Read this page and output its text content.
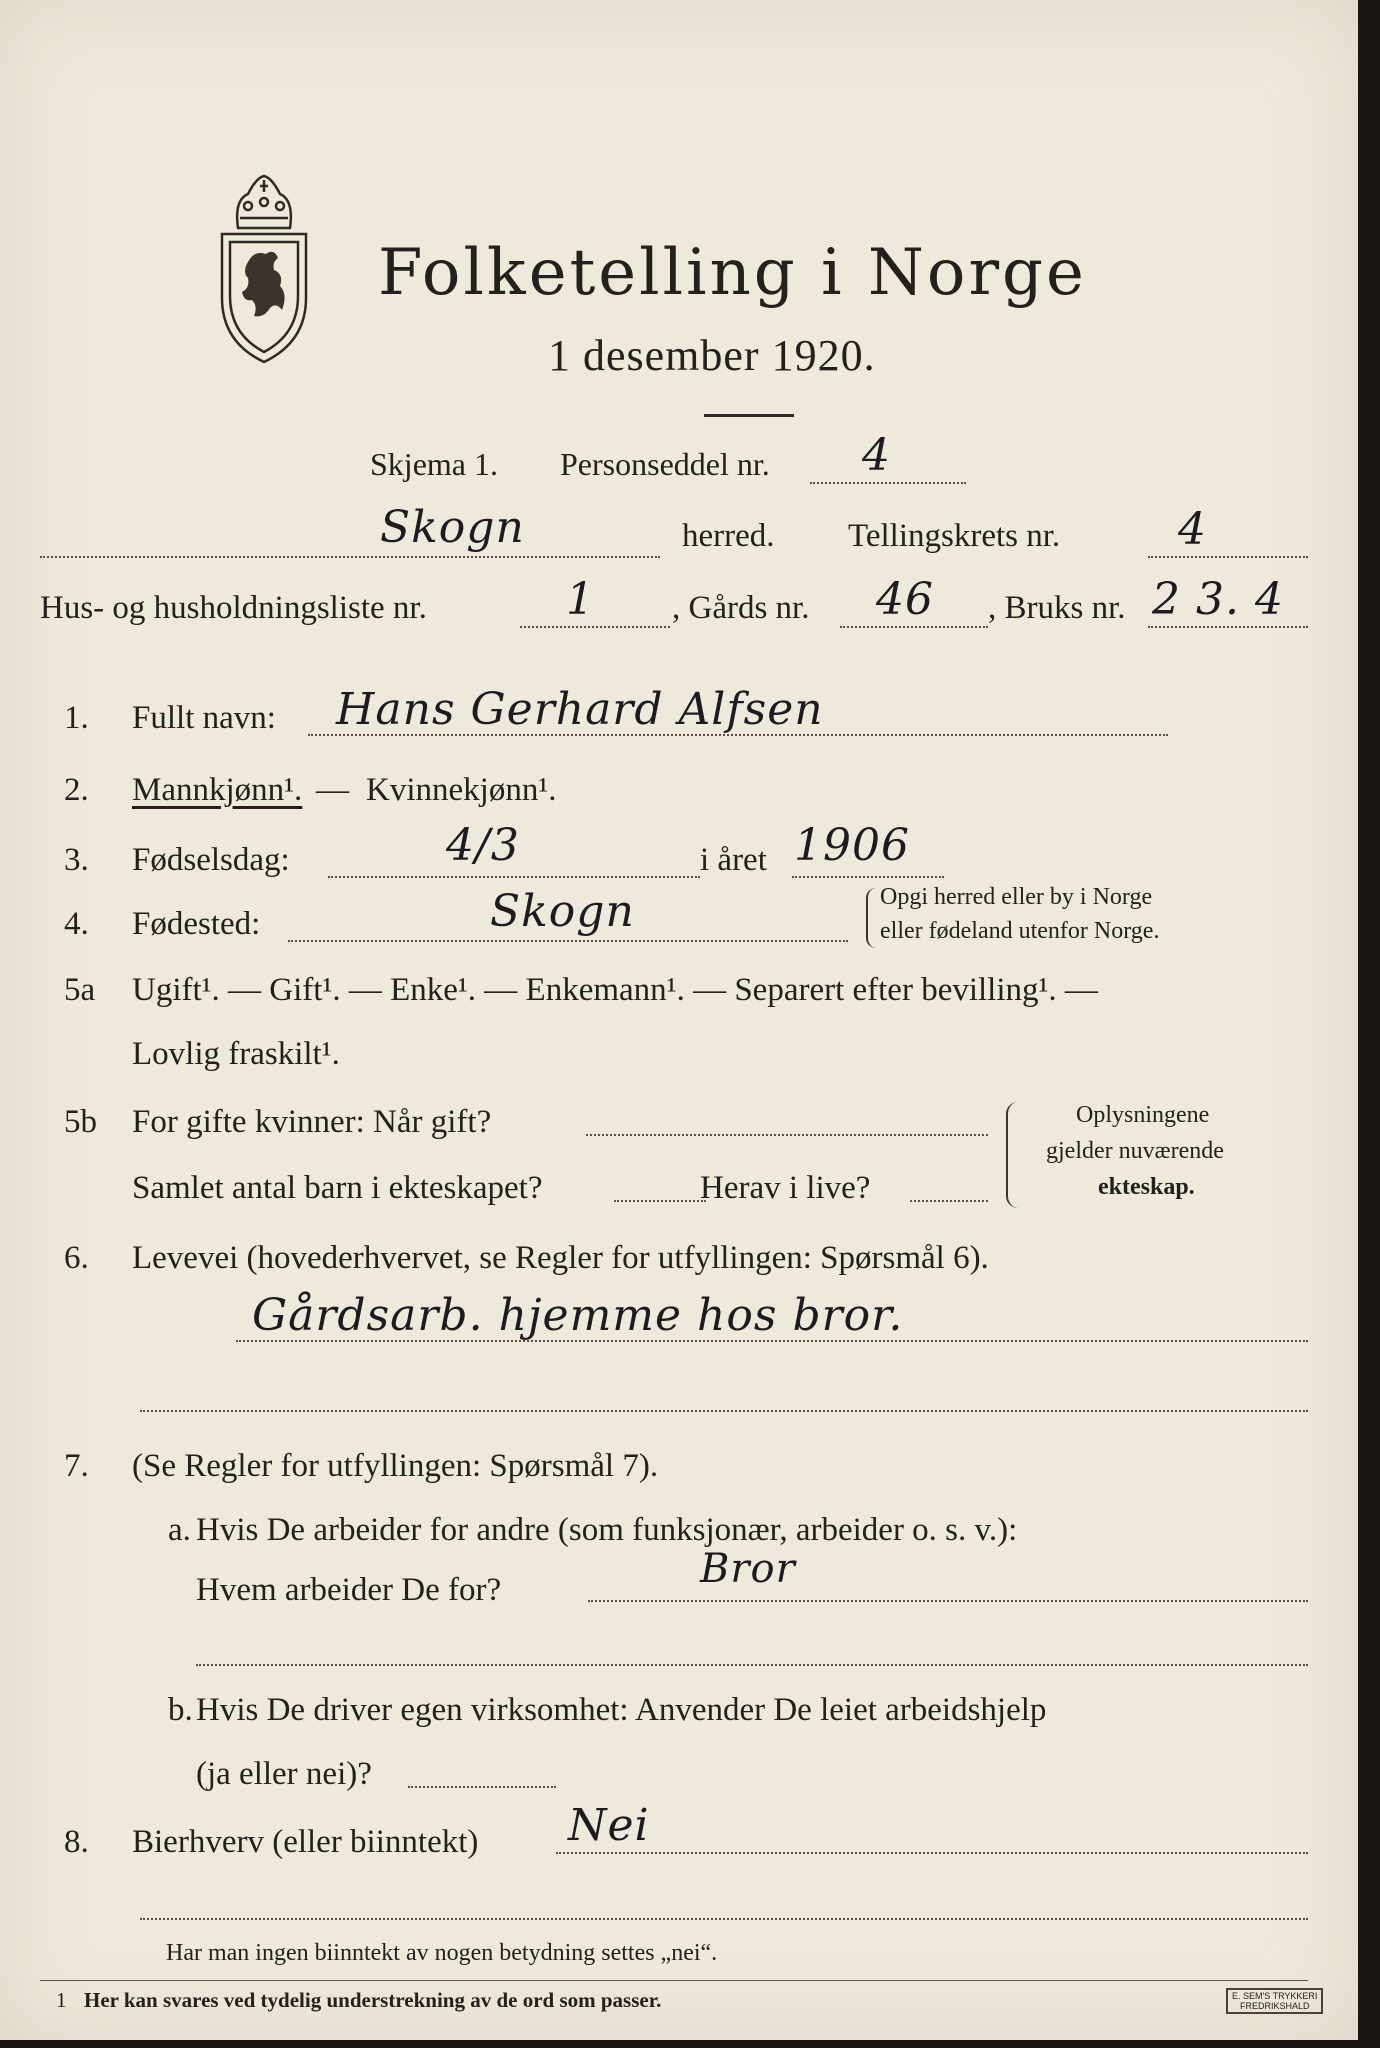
Folketelling i Norge
1 desember 1920.
Skjema 1. Personseddel nr. 4
Skogn	herred. Tellingskrets nr.	4
Hus- og husholdningsliste nr.	1 , Gårds nr. 46 , Bruks nr. 2 3. 4
1. Fullt navn: Hans Gerhard Alfsen
2. Mannkjønn¹. — Kvinnekjønn¹.
3. Fødselsdag:	4/3	i året 1906
4. Fødested:	Skogn	Opgi herred eller by i Norge
eller fødeland utenfor Norge.
5a Ugift¹. — Gift¹. — Enke¹. — Enkemann¹. — Separert efter bevilling¹. —
Lovlig fraskilt¹.
5b For gifte kvinner: Når gift?
Samlet antal barn i ekteskapet?	Herav i live?
Oplysningene
gjelder nuværende
ekteskap.
6. Levevei (hovederhvervet, se Regler for utfyllingen: Spørsmål 6).
Gårdsarb. hjemme hos bror.
7. (Se Regler for utfyllingen: Spørsmål 7).
a. Hvis De arbeider for andre (som funksjonær, arbeider o. s. v.):
Hvem arbeider De for?	Bror
b. Hvis De driver egen virksomhet: Anvender De leiet arbeidshjelp
(ja eller nei)?
8. Bierhverv (eller biinntekt) Nei
Har man ingen biinntekt av nogen betydning settes „nei“.
1 Her kan svares ved tydelig understrekning av de ord som passer.	E. SEM'S TRYKKERI
FREDRIKSHALD
